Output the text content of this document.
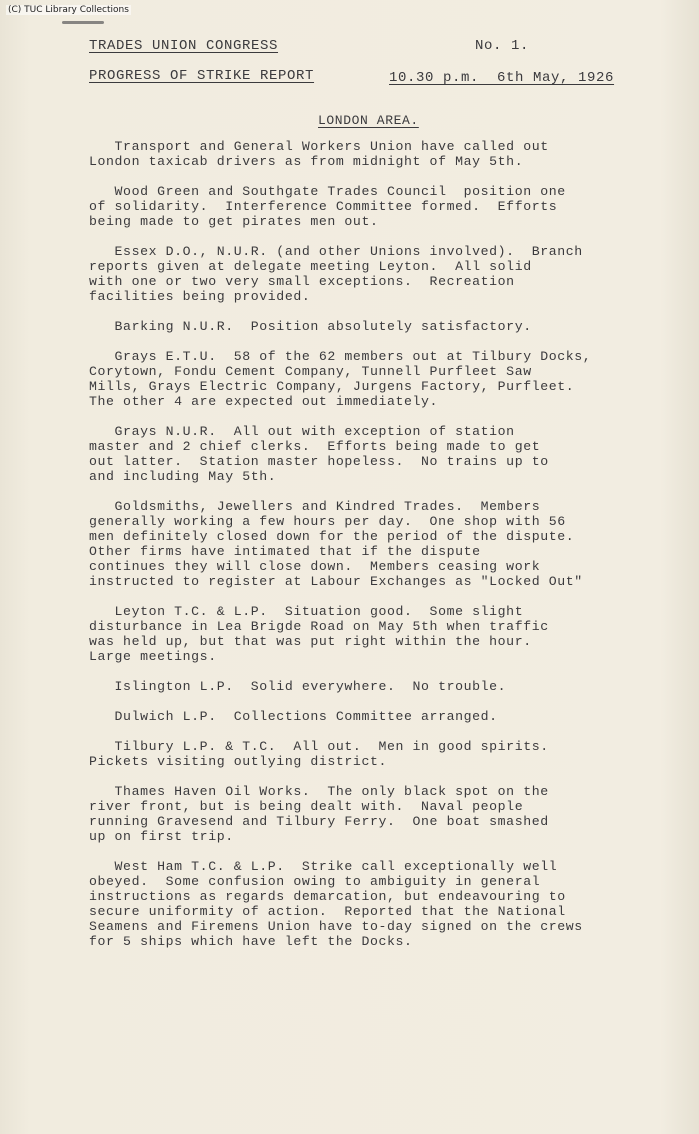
(C) TUC Library Collections
TRADES UNION CONGRESS	No. 1.
PROGRESS OF STRIKE REPORT	10.30 p.m.  6th May, 1926
LONDON AREA.

Transport and General Workers Union have called out
London taxicab drivers as from midnight of May 5th.

Wood Green and Southgate Trades Council  position one
of solidarity.  Interference Committee formed.  Efforts
being made to get pirates men out.

Essex D.O., N.U.R. (and other Unions involved).  Branch
reports given at delegate meeting Leyton.  All solid
with one or two very small exceptions.  Recreation
facilities being provided.

Barking N.U.R.  Position absolutely satisfactory.

Grays E.T.U.  58 of the 62 members out at Tilbury Docks,
Corytown, Fondu Cement Company, Tunnell Purfleet Saw
Mills, Grays Electric Company, Jurgens Factory, Purfleet.
The other 4 are expected out immediately.

Grays N.U.R.  All out with exception of station
master and 2 chief clerks.  Efforts being made to get
out latter.  Station master hopeless.  No trains up to
and including May 5th.

Goldsmiths, Jewellers and Kindred Trades.  Members
generally working a few hours per day.  One shop with 56
men definitely closed down for the period of the dispute.
Other firms have intimated that if the dispute
continues they will close down.  Members ceasing work
instructed to register at Labour Exchanges as "Locked Out"

Leyton T.C. & L.P.  Situation good.  Some slight
disturbance in Lea Brigde Road on May 5th when traffic
was held up, but that was put right within the hour.
Large meetings.

Islington L.P.  Solid everywhere.  No trouble.

Dulwich L.P.  Collections Committee arranged.

Tilbury L.P. & T.C.  All out.  Men in good spirits.
Pickets visiting outlying district.

Thames Haven Oil Works.  The only black spot on the
river front, but is being dealt with.  Naval people
running Gravesend and Tilbury Ferry.  One boat smashed
up on first trip.

West Ham T.C. & L.P.  Strike call exceptionally well
obeyed.  Some confusion owing to ambiguity in general
instructions as regards demarcation, but endeavouring to
secure uniformity of action.  Reported that the National
Seamens and Firemens Union have to-day signed on the crews
for 5 ships which have left the Docks.
